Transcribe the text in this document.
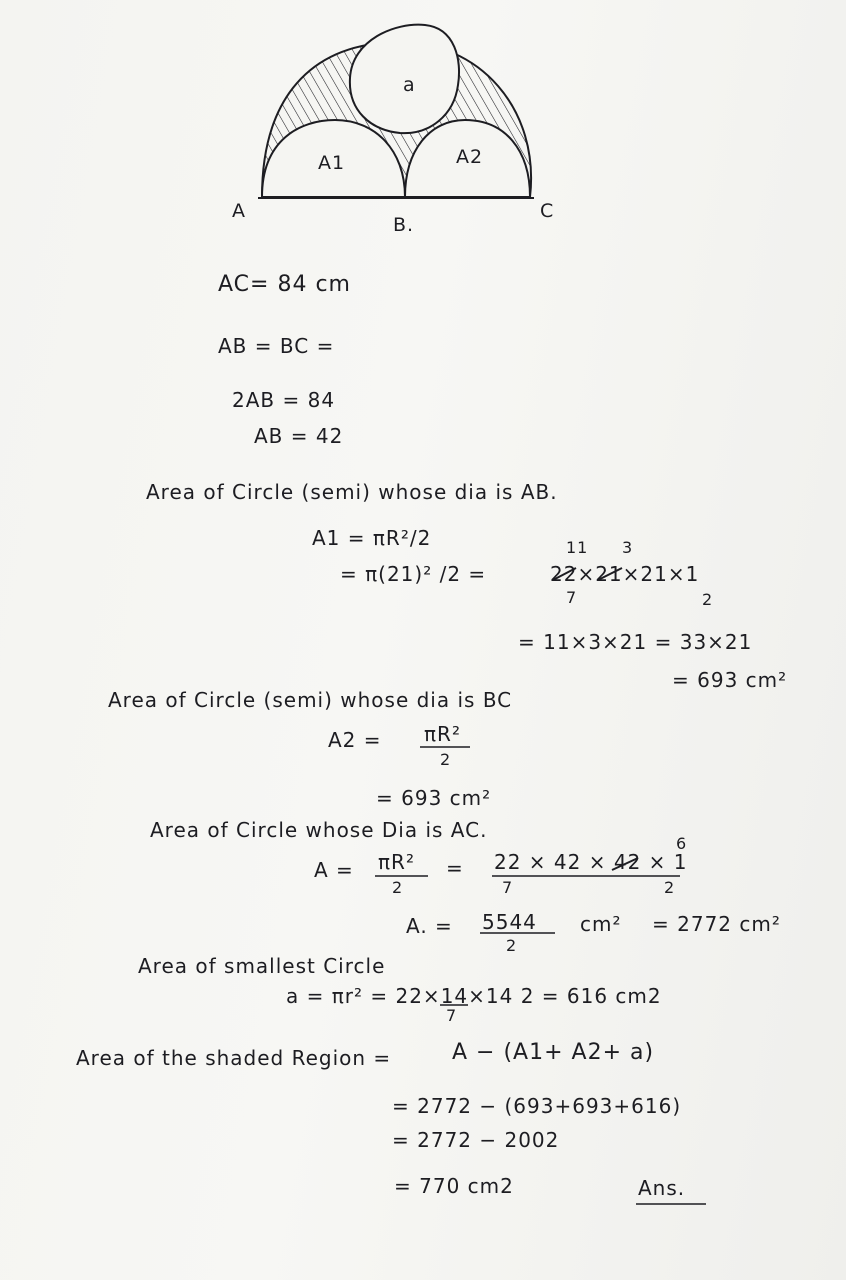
a
A1	A2
A
B.
C
AC= 84 cm
AB = BC =
2AB = 84
AB = 42
Area of Circle (semi) whose dia is AB.
A1 = πR²/2	11 3
= π(21)² /2 =	22×21×21×1
7	2
= 11×3×21 = 33×21
= 693 cm²
Area of Circle (semi) whose dia is BC
A2 = πR²
2
= 693 cm²
Area of Circle whose Dia is AC.
A = πR²
2
=
6
22 × 42 × 42 × 1
7	2
A. = 5544 cm²
2
= 2772 cm²
Area of smallest Circle
a = πr² = 22×14×14 2 = 616 cm2
7
Area of the shaded Region =	A − (A1+ A2+ a)
= 2772 − (693+693+616)
= 2772 − 2002
= 770 cm2	Ans.
